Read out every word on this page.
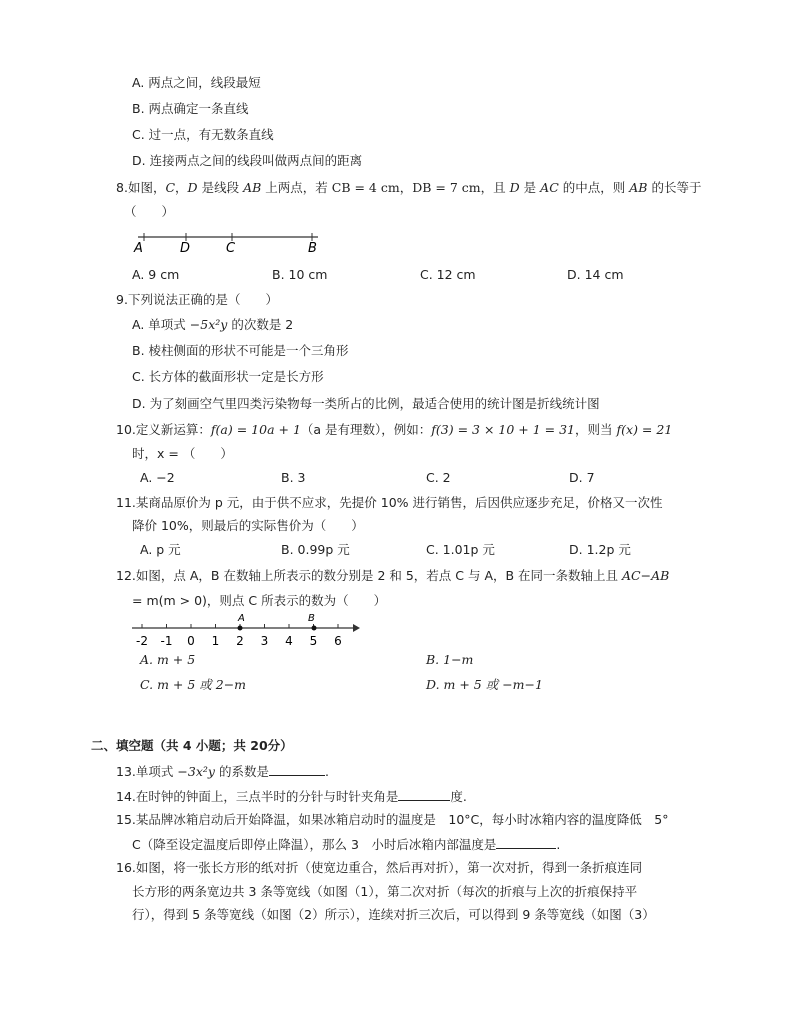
A. 两点之间，线段最短
B. 两点确定一条直线
C. 过一点，有无数条直线
D. 连接两点之间的线段叫做两点间的距离
8.如图，C，D 是线段 AB 上两点，若 CB = 4 cm，DB = 7 cm，且 D 是 AC 的中点，则 AB 的长等于
（　　）
A	D	C	B
A. 9 cm	B. 10 cm	C. 12 cm	D. 14 cm
9.下列说法正确的是（　　）
A. 单项式 −5x²y 的次数是 2
B. 棱柱侧面的形状不可能是一个三角形
C. 长方体的截面形状一定是长方形
D. 为了刻画空气里四类污染物每一类所占的比例，最适合使用的统计图是折线统计图
10.定义新运算：f(a) = 10a + 1（a 是有理数），例如：f(3) = 3 × 10 + 1 = 31，则当 f(x) = 21
时，x = （　　）
A. −2	B. 3	C. 2	D. 7
11.某商品原价为 p 元，由于供不应求，先提价 10% 进行销售，后因供应逐步充足，价格又一次性
降价 10%，则最后的实际售价为（　　）
A. p 元	B. 0.99p 元	C. 1.01p 元	D. 1.2p 元
12.如图，点 A，B 在数轴上所表示的数分别是 2 和 5，若点 C 与 A，B 在同一条数轴上且 AC−AB
= m(m > 0)，则点 C 所表示的数为（　　）
-2 -1 0 1 2 3 4 5 6
A	B
A. m + 5	B. 1−m
C. m + 5 或 2−m	D. m + 5 或 −m−1
二、填空题（共 4 小题；共 20分）
13.单项式 −3x²y 的系数是	.
14.在时钟的钟面上，三点半时的分针与时针夹角是	度.
15.某品牌冰箱启动后开始降温，如果冰箱启动时的温度是　10°C，每小时冰箱内容的温度降低　5°
C（降至设定温度后即停止降温），那么 3　小时后冰箱内部温度是	.
16.如图，将一张长方形的纸对折（使宽边重合，然后再对折），第一次对折，得到一条折痕连同
长方形的两条宽边共 3 条等宽线（如图（1），第二次对折（每次的折痕与上次的折痕保持平
行），得到 5 条等宽线（如图（2）所示），连续对折三次后，可以得到 9 条等宽线（如图（3）
